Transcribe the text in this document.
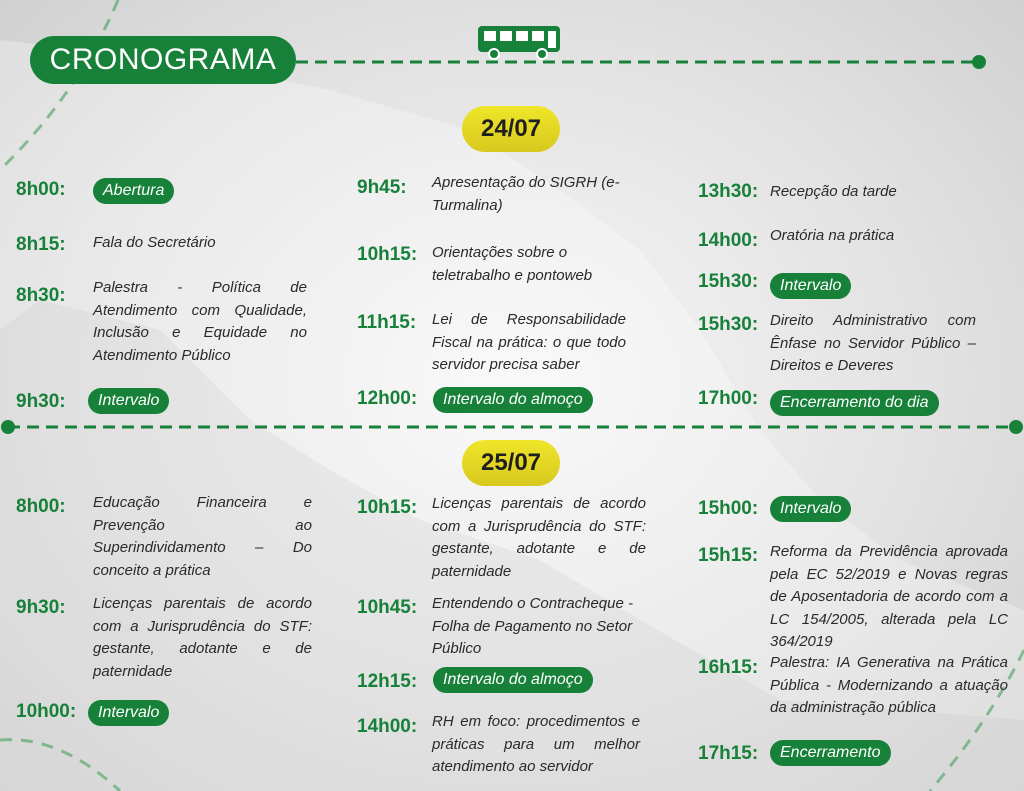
CRONOGRAMA
24/07
8h00:	Abertura
8h15: Fala do Secretário
8h30: Palestra - Política de Atendimento com Qualidade, Inclusão e Equidade no Atendimento Público
9h30:	Intervalo
9h45: Apresentação do SIGRH (e-Turmalina)
10h15: Orientações sobre o teletrabalho e pontoweb
11h15: Lei de Responsabilidade Fiscal na prática: o que todo servidor precisa saber
12h00:	Intervalo do almoço
13h30: Recepção da tarde
14h00: Oratória na prática
15h30:	Intervalo
15h30: Direito Administrativo com Ênfase no Servidor Público – Direitos e Deveres
17h00:	Encerramento do dia
25/07
8h00: Educação Financeira e Prevenção ao Superindividamento – Do conceito a prática
9h30: Licenças parentais de acordo com a Jurisprudência do STF: gestante, adotante e de paternidade
10h00:	Intervalo
10h15: Licenças parentais de acordo com a Jurisprudência do STF: gestante, adotante e de paternidade
10h45: Entendendo o Contracheque - Folha de Pagamento no Setor Público
12h15:	Intervalo do almoço
14h00: RH em foco: procedimentos e práticas para um melhor atendimento ao servidor
15h00:	Intervalo
15h15: Reforma da Previdência aprovada pela EC 52/2019 e Novas regras de Aposentadoria de acordo com a LC 154/2005, alterada pela LC 364/2019
16h15: Palestra: IA Generativa na Prática Pública - Modernizando a atuação da administração pública
17h15:	Encerramento
